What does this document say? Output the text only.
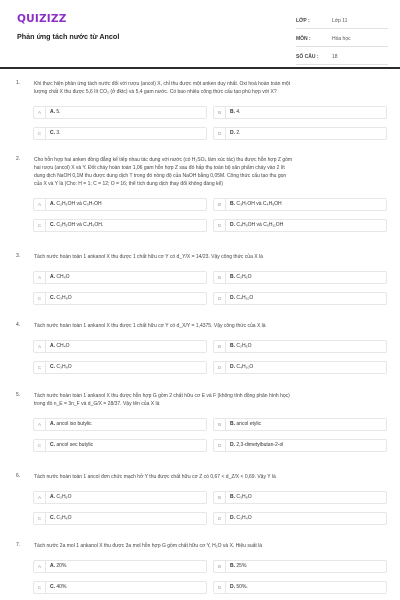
QUIZIZZ
Phản ứng tách nước từ Ancol
LỚP :	Lớp 11
MÔN :	Hóa học
SỐ CÂU :	18
1.	Khi thực hiện phản ứng tách nước đối với rượu (ancol) X, chỉ thu được một anken duy nhất. Oxi hoá hoàn toàn một
lượng chất X thu được 5,6 lít CO₂ (ở đktc) và 5,4 gam nước. Có bao nhiêu công thức cấu tạo phù hợp với X?
A	A. 5.	B	B. 4.
C	C. 3.	D	D. 2.
2.	Cho hỗn hợp hai anken đồng đẳng kế tiếp nhau tác dụng với nước (có H₂SO₄ làm xúc tác) thu được hỗn hợp Z gồm
hai rượu (ancol) X và Y. Đốt cháy hoàn toàn 1,06 gam hỗn hợp Z sau đó hấp thụ toàn bộ sản phẩm cháy vào 2 lít
dung dịch NaOH 0,1M thu được dung dịch T trong đó nồng độ của NaOH bằng 0,05M. Công thức cấu tạo thu gọn
của X và Y là (Cho: H = 1; C = 12; O = 16; thể tích dung dịch thay đổi không đáng kể)
A	A. C₂H₅OH và C₃H₇OH	B	B. C₃H₇OH và C₄H₉OH
C	C. C₂H₅OH và C₄H₉OH.	D	D. C₄H₉OH và C₅H₁₁OH
3.	Tách nước hoàn toàn 1 ankanol X thu được 1 chất hữu cơ Y có d_Y/X = 14/23. Vậy công thức của X là
A	A. CH₄O	B	B. C₂H₆O
C	C. C₃H₈O	D	D. C₄H₁₀O
4.	Tách nước hoàn toàn 1 ankanol X thu được 1 chất hữu cơ Y có d_X/Y = 1,4375. Vậy công thức của X là
A	A. CH₄O	B	B. C₂H₆O
C	C. C₃H₈O	D	D. C₄H₁₀O
5.	Tách nước hoàn toàn 1 ankanol X thu được hỗn hợp G gồm 2 chất hữu cơ E và F (không tính đồng phân hình học)
trong đó n_E = 3n_F và d_G/X = 28/37. Vậy tên của X là
A	A. ancol iso butylic	B	B. ancol etylic
C	C. ancol sec butylic	D	D. 2,3-dimetylbutan-2-ol
6.	Tách nước hoàn toàn 1 ancol đơn chức mạch hở Y thu được chất hữu cơ Z có 0,67 < d_Z/X < 0,69. Vậy Y là
A	A. C₂H₆O	B	B. C₃H₈O
C	C. C₃H₆O	D	D. C₃H₄O
7.	Tách nước 2a mol 1 ankanol X thu được 3a mol hỗn hợp G gồm chất hữu cơ Y, H₂O và X. Hiệu suất là
A	A. 20%	B	B. 25%
C	C. 40%	D	D. 50%.
